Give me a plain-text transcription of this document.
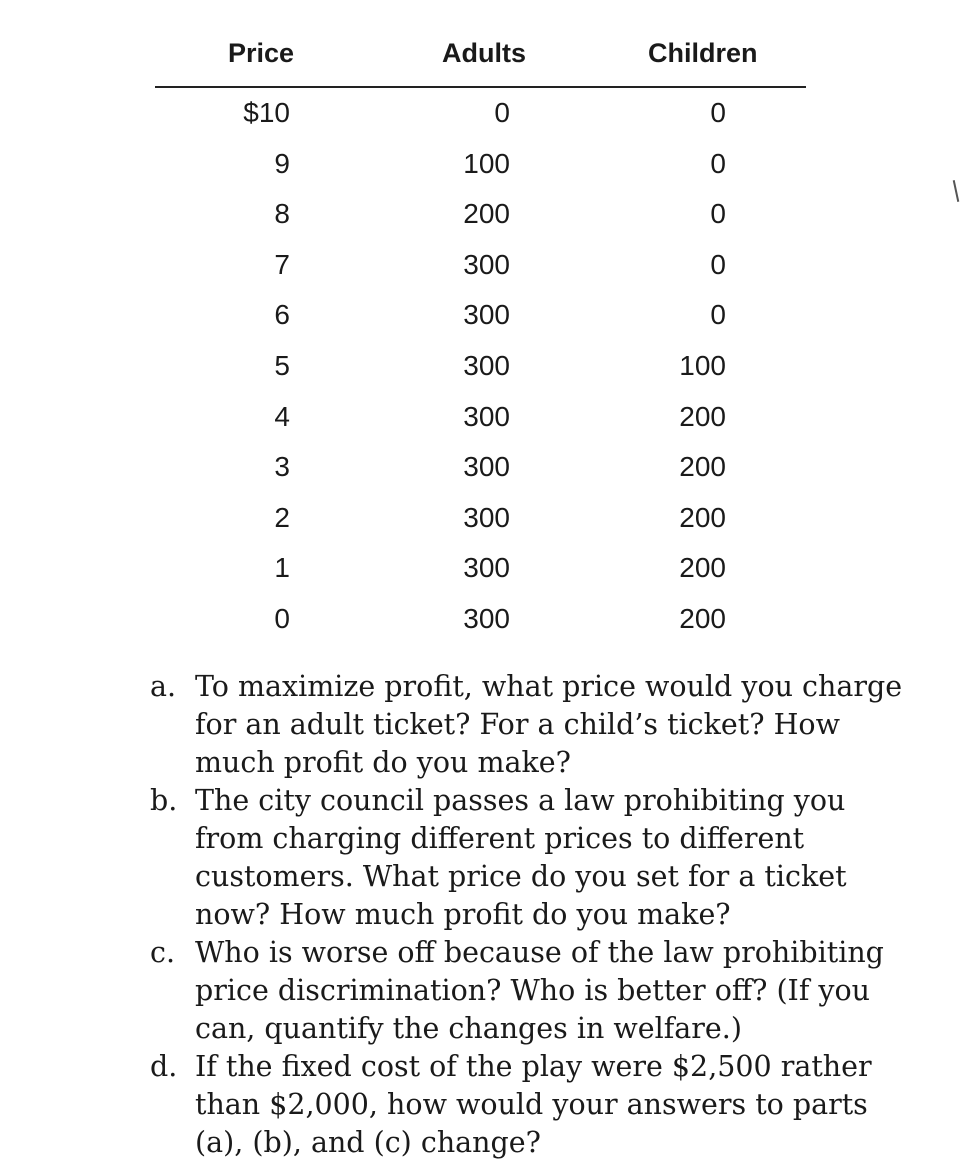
Price	Adults	Children
$10	0	0
9	100	0
8	200	0
7	300	0
6	300	0
5	300	100
4	300	200
3	300	200
2	300	200
1	300	200
0	300	200
a. To maximize profit, what price would you charge for an adult ticket? For a child’s ticket? How much profit do you make?
b. The city council passes a law prohibiting you from charging different prices to different customers. What price do you set for a ticket now? How much profit do you make?
c. Who is worse off because of the law prohibiting price discrimination? Who is better off? (If you can, quantify the changes in welfare.)
d. If the fixed cost of the play were $2,500 rather than $2,000, how would your answers to parts (a), (b), and (c) change?
